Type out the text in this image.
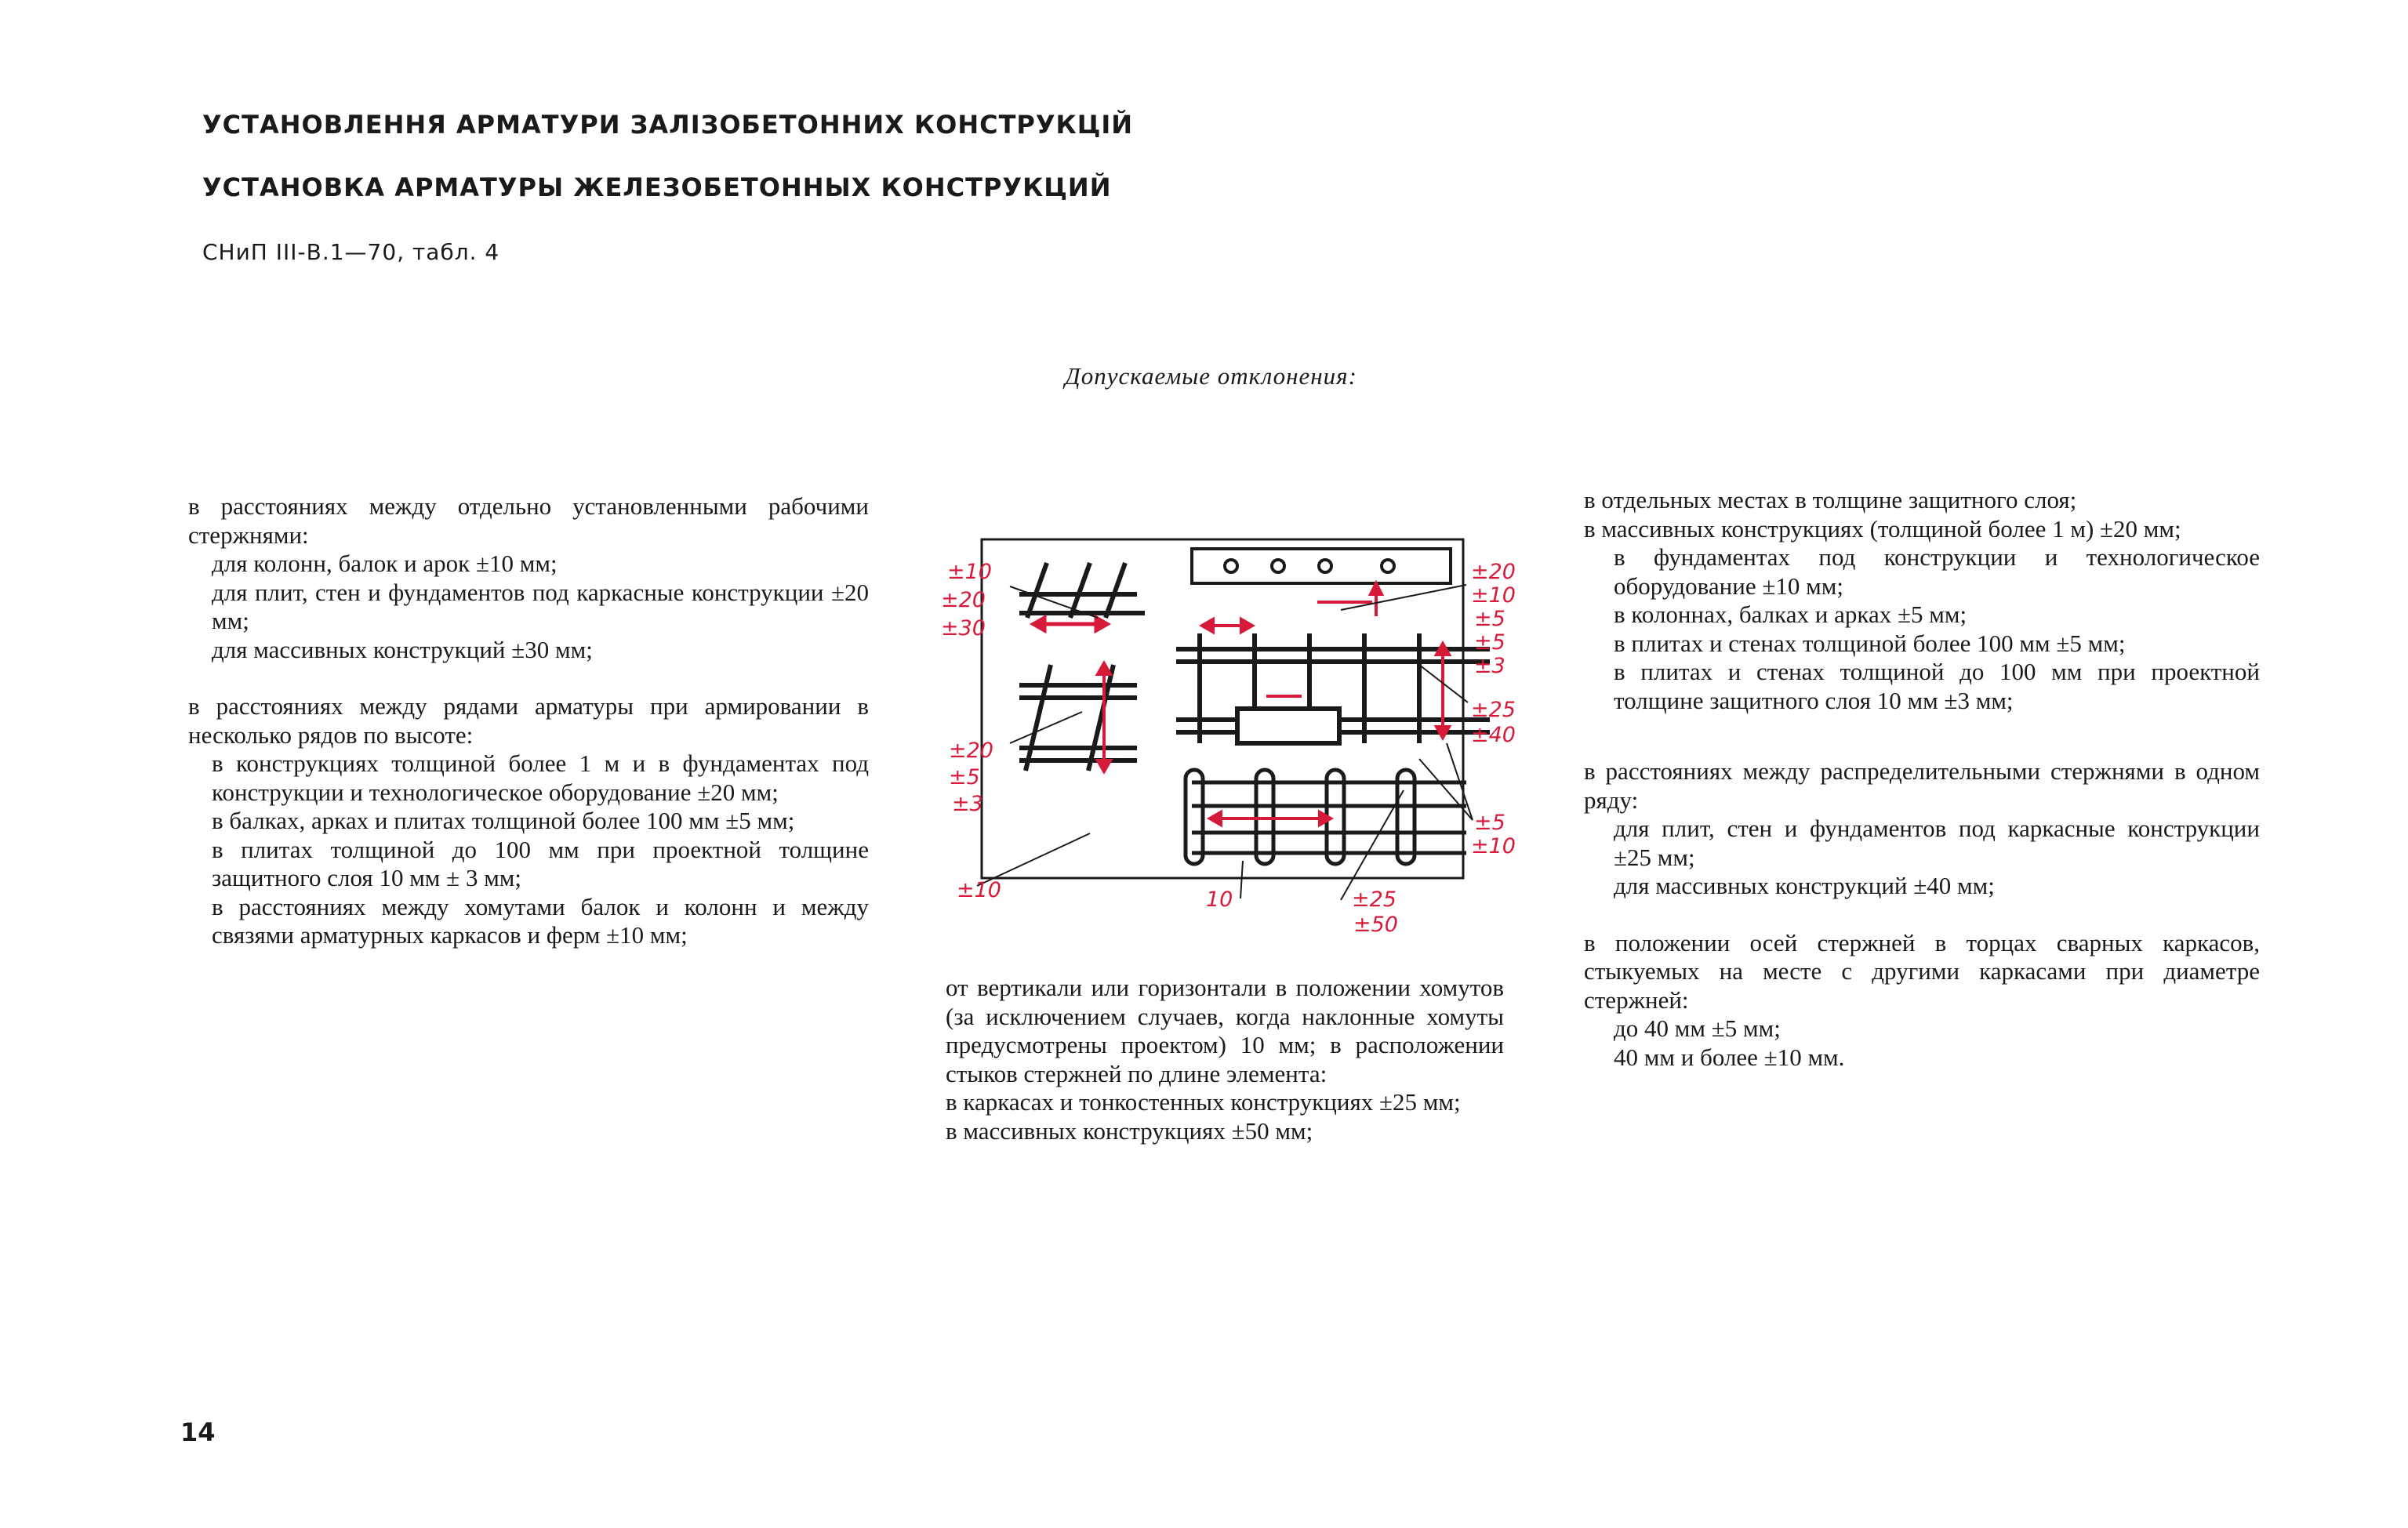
УСТАНОВЛЕННЯ АРМАТУРИ ЗАЛІЗОБЕТОННИХ КОНСТРУКЦІЙ
УСТАНОВКА АРМАТУРЫ ЖЕЛЕЗОБЕТОННЫХ КОНСТРУКЦИЙ
СНиП III-В.1—70, табл. 4
Допускаемые отклонения:

в расстояниях между отдельно установленными рабочими стержнями:

для колонн, балок и арок ±10 мм;

для плит, стен и фундаментов под каркасные конструкции ±20 мм;

для массивных конструкций ±30 мм;

в расстояниях между рядами арматуры при армировании в несколько рядов по высоте:

в конструкциях толщиной более 1 м и в фундаментах под конструкции и технологическое оборудование ±20 мм;

в балках, арках и плитах толщиной более 100 мм ±5 мм;

в плитах толщиной до 100 мм при проектной толщине защитного слоя 10 мм ± 3 мм;

в расстояниях между хомутами балок и колонн и между связями арматурных каркасов и ферм ±10 мм;

±10
±20
±30
±20
±5
±3
±10
±20
±10
±5
±5
±3
±25
±40
±5
±10
10	±25
±50

от вертикали или горизонтали в положении хомутов (за исключением случаев, когда наклонные хомуты предусмотрены проектом) 10 мм; в расположении стыков стержней по длине элемента:

в каркасах и тонкостенных конструкциях ±25 мм;

в массивных конструкциях ±50 мм;

в отдельных местах в толщине защитного слоя;

в массивных конструкциях (толщиной более 1 м) ±20 мм;

в фундаментах под конструкции и технологическое оборудование ±10 мм;

в колоннах, балках и арках ±5 мм;

в плитах и стенах толщиной более 100 мм ±5 мм;

в плитах и стенах толщиной до 100 мм при проектной толщине защитного слоя 10 мм ±3 мм;

в расстояниях между распределительными стержнями в одном ряду:

для плит, стен и фундаментов под каркасные конструкции ±25 мм;

для массивных конструкций ±40 мм;

в положении осей стержней в торцах сварных каркасов, стыкуемых на месте с другими каркасами при диаметре стержней:

до 40 мм ±5 мм;

40 мм и более ±10 мм.

14
